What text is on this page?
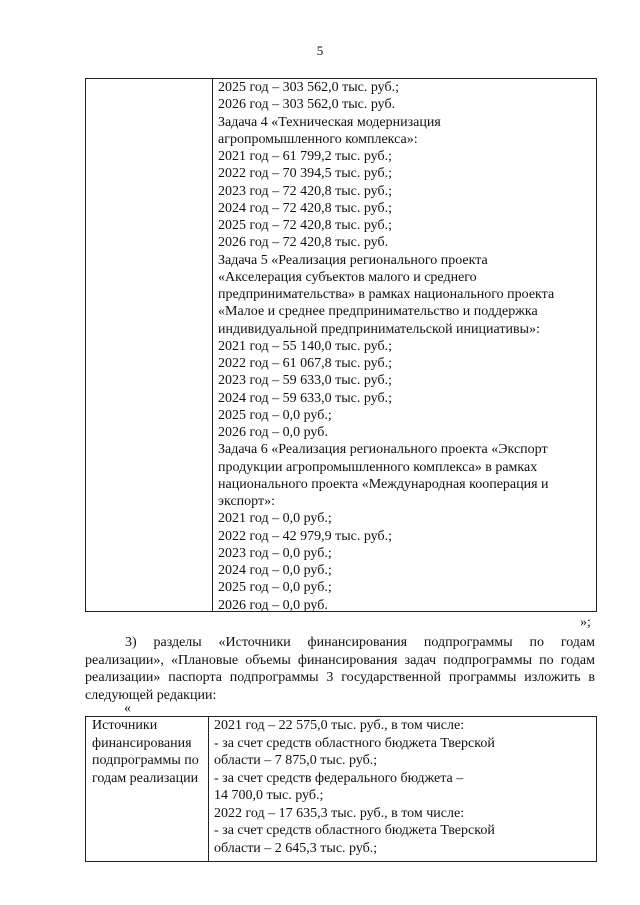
5
2025 год – 303 562,0 тыс. руб.;
2026 год – 303 562,0 тыс. руб.
Задача 4 «Техническая модернизация
агропромышленного комплекса»:
2021 год – 61 799,2 тыс. руб.;
2022 год – 70 394,5 тыс. руб.;
2023 год – 72 420,8 тыс. руб.;
2024 год – 72 420,8 тыс. руб.;
2025 год – 72 420,8 тыс. руб.;
2026 год – 72 420,8 тыс. руб.
Задача 5 «Реализация регионального проекта
«Акселерация субъектов малого и среднего
предпринимательства» в рамках национального проекта
«Малое и среднее предпринимательство и поддержка
индивидуальной предпринимательской инициативы»:
2021 год – 55 140,0 тыс. руб.;
2022 год – 61 067,8 тыс. руб.;
2023 год – 59 633,0 тыс. руб.;
2024 год – 59 633,0 тыс. руб.;
2025 год – 0,0 руб.;
2026 год – 0,0 руб.
Задача 6 «Реализация регионального проекта «Экспорт
продукции агропромышленного комплекса» в рамках
национального проекта «Международная кооперация и
экспорт»:
2021 год – 0,0 руб.;
2022 год – 42 979,9 тыс. руб.;
2023 год – 0,0 руб.;
2024 год – 0,0 руб.;
2025 год – 0,0 руб.;
2026 год – 0,0 руб.
»;
3) разделы «Источники финансирования подпрограммы по годам реализации», «Плановые объемы финансирования задач подпрограммы по годам реализации» паспорта подпрограммы 3 государственной программы изложить в следующей редакции:
«
Источники финансирования подпрограммы по годам реализации
2021 год – 22 575,0 тыс. руб., в том числе:
- за счет средств областного бюджета Тверской
области – 7 875,0 тыс. руб.;
- за счет средств федерального бюджета –
14 700,0 тыс. руб.;
2022 год – 17 635,3 тыс. руб., в том числе:
- за счет средств областного бюджета Тверской
области – 2 645,3 тыс. руб.;
